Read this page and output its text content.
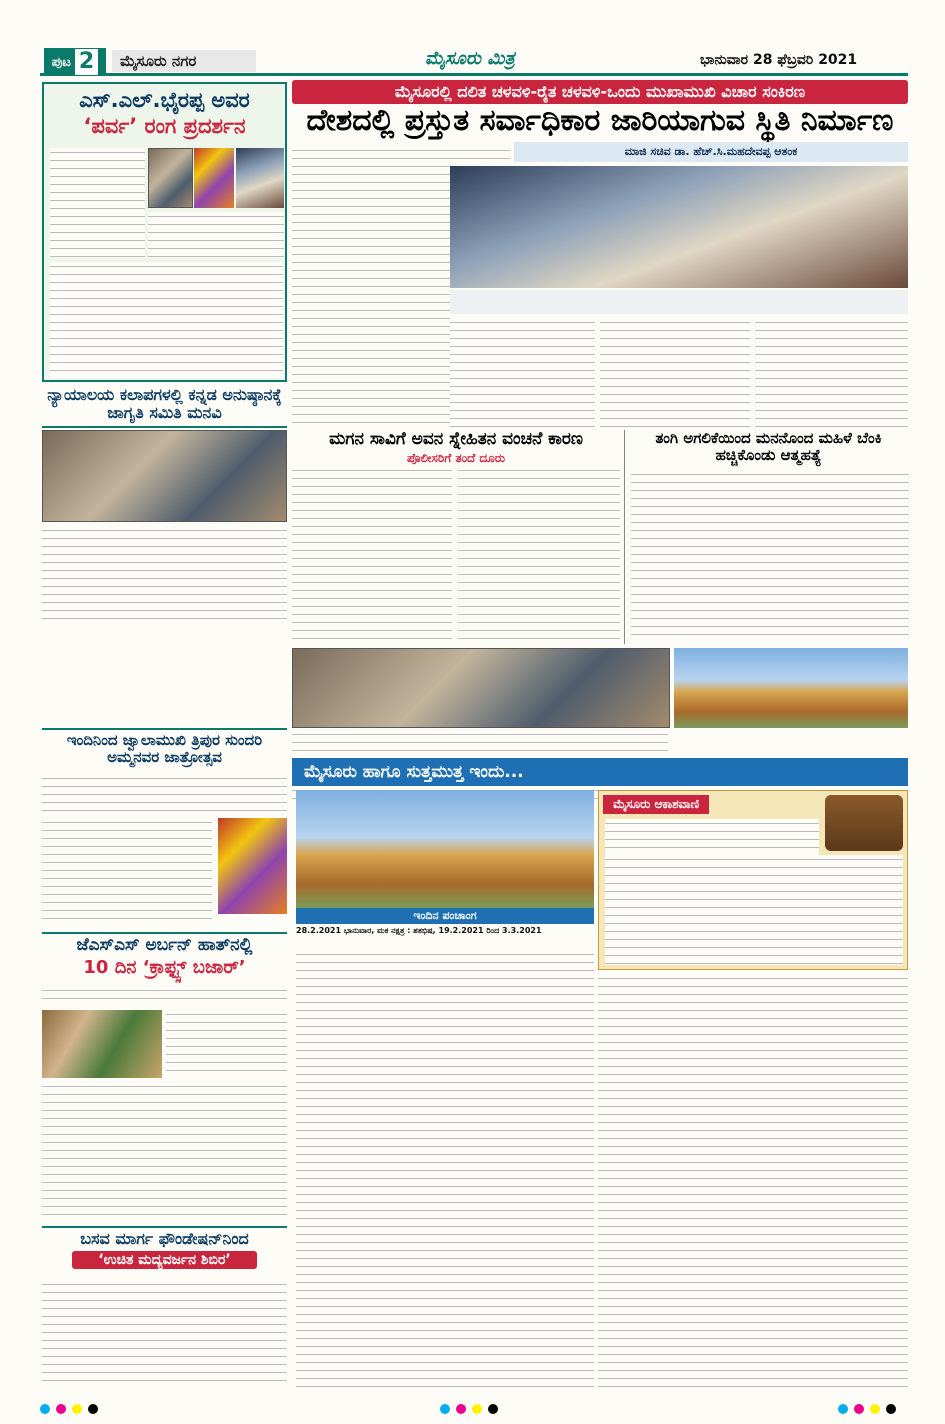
ಪುಟ 2	ಮೈಸೂರು ನಗರ	ಮೈಸೂರು ಮಿತ್ರ	ಭಾನುವಾರ 28 ಫೆಬ್ರವರಿ 2021
ಎಸ್.ಎಲ್.ಭೈರಪ್ಪ ಅವರ
‘ಪರ್ವ’ ರಂಗ ಪ್ರದರ್ಶನ
ನ್ಯಾಯಾಲಯ ಕಲಾಪಗಳಲ್ಲಿ ಕನ್ನಡ ಅನುಷ್ಠಾನಕ್ಕೆ ಜಾಗೃತಿ ಸಮಿತಿ ಮನವಿ
ಇಂದಿನಿಂದ ಜ್ವಾಲಾಮುಖಿ ತ್ರಿಪುರ ಸುಂದರಿ ಅಮ್ಮನವರ ಜಾತ್ರೋತ್ಸವ
ಜೆಎಸ್‌ಎಸ್ ಅರ್ಬನ್ ಹಾತ್‌ನಲ್ಲಿ
10 ದಿನ ‘ಕ್ರಾಫ್ಟ್ಸ್ ಬಜಾರ್’
ಬಸವ ಮಾರ್ಗ ಫೌಂಡೇಷನ್‌ನಿಂದ
‘ಉಚಿತ ಮದ್ಯವರ್ಜನ ಶಿಬಿರ’
ಮೈಸೂರಲ್ಲಿ ದಲಿತ ಚಳವಳಿ-ರೈತ ಚಳವಳಿ-ಒಂದು ಮುಖಾಮುಖಿ ವಿಚಾರ ಸಂಕಿರಣ
ದೇಶದಲ್ಲಿ ಪ್ರಸ್ತುತ ಸರ್ವಾಧಿಕಾರ ಜಾರಿಯಾಗುವ ಸ್ಥಿತಿ ನಿರ್ಮಾಣ
ಮಾಜಿ ಸಚಿವ ಡಾ. ಹೆಚ್.ಸಿ.ಮಹದೇವಪ್ಪ ಆತಂಕ
ಮಗನ ಸಾವಿಗೆ ಅವನ ಸ್ನೇಹಿತನ ವಂಚನೆ ಕಾರಣ
ಪೊಲೀಸರಿಗೆ ತಂದೆ ದೂರು
ತಂಗಿ ಅಗಲಿಕೆಯಿಂದ ಮನನೊಂದ ಮಹಿಳೆ ಬೆಂಕಿ ಹಚ್ಚಿಕೊಂಡು ಆತ್ಮಹತ್ಯೆ
ಮೈಸೂರು ಹಾಗೂ ಸುತ್ತಮುತ್ತ ಇಂದು...
ಇಂದಿನ ಪಂಚಾಂಗ
28.2.2021 ಭಾನುವಾರ, ಮಕ ನಕ್ಷತ್ರ : ಶತಭಿಷ, 19.2.2021 ರಿಂದ 3.3.2021
ಮೈಸೂರು ಆಕಾಶವಾಣಿ
